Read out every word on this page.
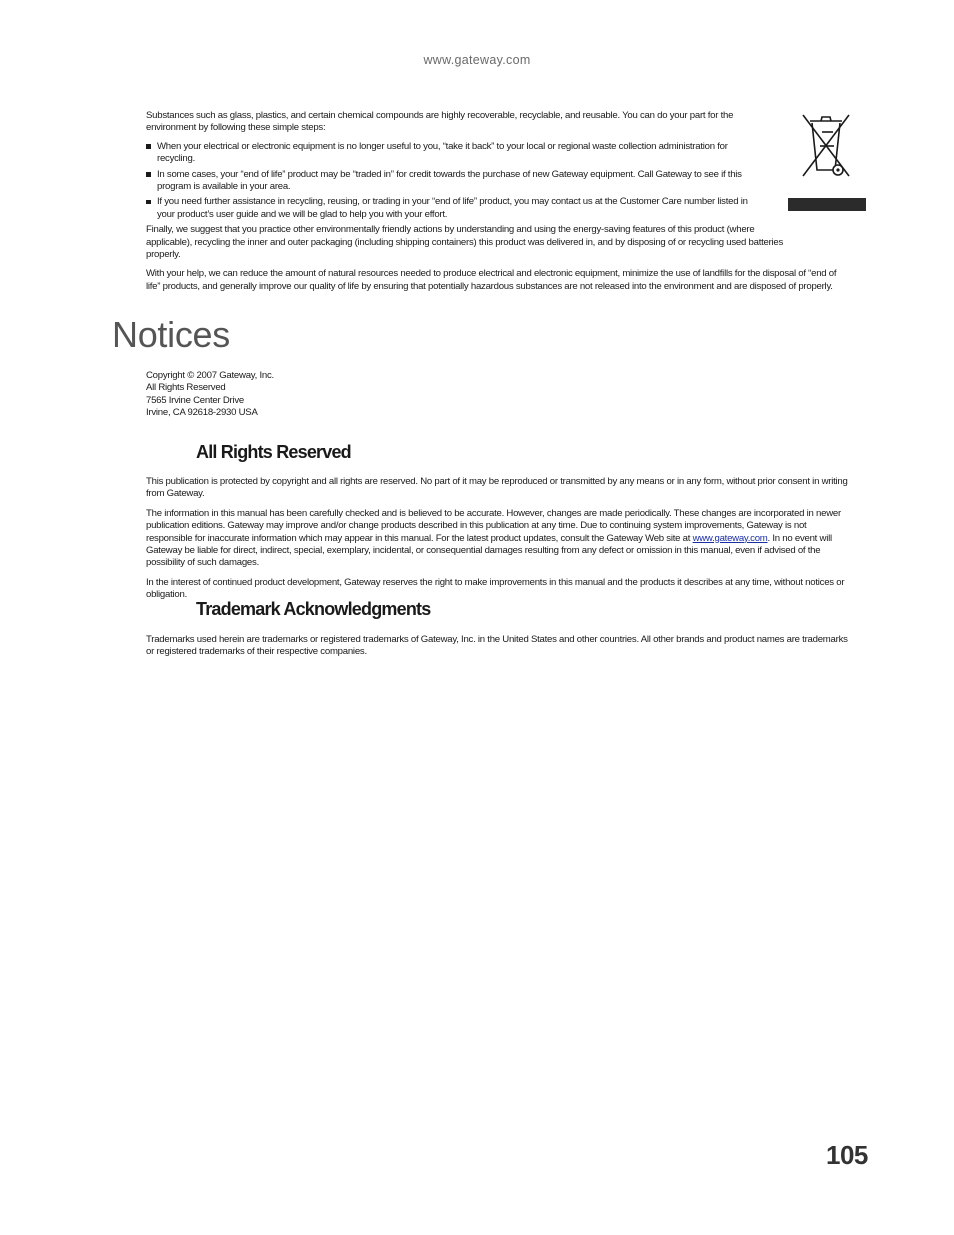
www.gateway.com

Substances such as glass, plastics, and certain chemical compounds are highly recoverable, recyclable, and reusable. You can do your part for the environment by following these simple steps:

When your electrical or electronic equipment is no longer useful to you, “take it back” to your local or regional waste collection administration for recycling.
In some cases, your “end of life” product may be “traded in” for credit towards the purchase of new Gateway equipment. Call Gateway to see if this program is available in your area.
If you need further assistance in recycling, reusing, or trading in your “end of life” product, you may contact us at the Customer Care number listed in your product’s user guide and we will be glad to help you with your effort.

Finally, we suggest that you practice other environmentally friendly actions by understanding and using the energy-saving features of this product (where applicable), recycling the inner and outer packaging (including shipping containers) this product was delivered in, and by disposing of or recycling used batteries properly.

With your help, we can reduce the amount of natural resources needed to produce electrical and electronic equipment, minimize the use of landfills for the disposal of “end of life” products, and generally improve our quality of life by ensuring that potentially hazardous substances are not released into the environment and are disposed of properly.

Notices
Copyright © 2007 Gateway, Inc.
All Rights Reserved
7565 Irvine Center Drive
Irvine, CA 92618-2930 USA
All Rights Reserved

This publication is protected by copyright and all rights are reserved. No part of it may be reproduced or transmitted by any means or in any form, without prior consent in writing from Gateway.

The information in this manual has been carefully checked and is believed to be accurate. However, changes are made periodically. These changes are incorporated in newer publication editions. Gateway may improve and/or change products described in this publication at any time. Due to continuing system improvements, Gateway is not responsible for inaccurate information which may appear in this manual. For the latest product updates, consult the Gateway Web site at www.gateway.com. In no event will Gateway be liable for direct, indirect, special, exemplary, incidental, or consequential damages resulting from any defect or omission in this manual, even if advised of the possibility of such damages.

In the interest of continued product development, Gateway reserves the right to make improvements in this manual and the products it describes at any time, without notices or obligation.

Trademark Acknowledgments

Trademarks used herein are trademarks or registered trademarks of Gateway, Inc. in the United States and other countries. All other brands and product names are trademarks or registered trademarks of their respective companies.

105
